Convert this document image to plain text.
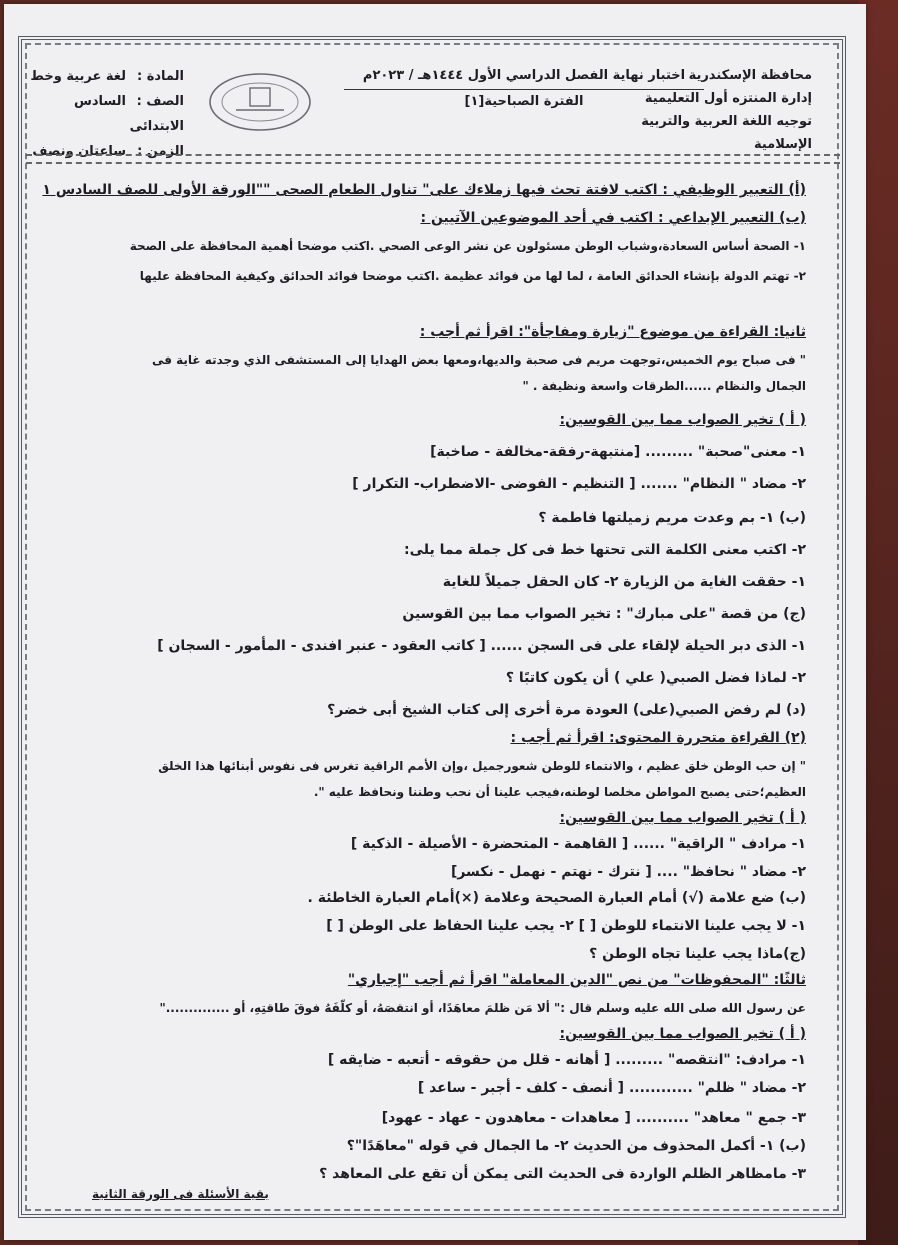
محافظة الإسكندرية
إدارة المنتزه أول التعليمية
توجيه اللغة العربية والتربية الإسلامية
اختبار نهاية الفصل الدراسي الأول ١٤٤٤هـ / ٢٠٢٣م
الفترة الصباحية[١]
المادة :لغة عربية وخط
الصف :السادس الابتدائى
الزمن :ساعتان ونصف
(أ) التعبير الوظيفي : اكتب لافتة تحث فيها زملاءك على" تناول الطعام الصحى ""الورقة الأولى للصف السادس ١
(ب) التعبير الإبداعي : اكتب في أحد الموضوعين الآتيين :
١- الصحة أساس السعادة،وشباب الوطن مسئولون عن نشر الوعى الصحي .اكتب موضحا أهمية المحافظة على الصحة
٢- تهتم الدولة بإنشاء الحدائق العامة ، لما لها من فوائد عظيمة .اكتب موضحا فوائد الحدائق وكيفية المحافظة عليها
ثانيا: القراءة من موضوع "زيارة ومفاجأة": اقرأ ثم أجب :
" فى صباح يوم الخميس،توجهت مريم فى صحبة والديها،ومعها بعض الهدايا إلى المستشفى الذي وجدته غاية فى
الجمال والنظام ......الطرقات واسعة ونظيفة . "
( أ ) تخير الصواب مما بين القوسين:
١- معنى"صحبة" ......... [منتبهة-رفقة-مخالفة - صاخبة]
٢- مضاد " النظام" ....... [ التنظيم - الفوضى -الاضطراب- التكرار ]
(ب) ١- بم وعدت مريم زميلتها فاطمة ؟
٢- اكتب معنى الكلمة التى تحتها خط فى كل جملة مما يلى:
١- حققت الغاية من الزيارة ٢- كان الحقل جميلاً للغاية
(ج) من قصة "على مبارك" : تخير الصواب مما بين القوسين
١- الذى دبر الحيلة لإلقاء على فى السجن ...... [ كاتب العقود - عنبر افندى - المأمور - السجان ]
٢- لماذا فضل الصبي( علي ) أن يكون كاتبًا ؟
(د) لم رفض الصبي(على) العودة مرة أخرى إلى كتاب الشيخ أبى خضر؟
(٢) القراءة متحررة المحتوى: اقرأ ثم أجب :
" إن حب الوطن خلق عظيم ، والانتماء للوطن شعورجميل ،وإن الأمم الراقية تغرس فى نفوس أبنائها هذا الخلق
العظيم؛حتى يصبح المواطن مخلصا لوطنه،فيجب علينا أن نحب وطننا ونحافظ عليه ".
( أ ) تخير الصواب مما بين القوسين:
١- مرادف " الراقية" ...... [ القاهمة - المتحضرة - الأصيلة - الذكية ]
٢- مضاد " نحافظ" .... [ نترك - نهتم - نهمل - نكسر]
(ب) ضع علامة (√) أمام العبارة الصحيحة وعلامة (×)أمام العبارة الخاطئة .
١- لا يجب علينا الانتماء للوطن [ ] ٢- يجب علينا الحفاظ على الوطن [ ]
(ج)ماذا يجب علينا تجاه الوطن ؟
ثالثًا: "المحفوظات" من نص "الدين المعاملة" اقرأ ثم أجب "إجباري"
عن رسول الله صلى الله عليه وسلم قال :" ألا مَن ظلمَ معاهَدًا، أو انتقصَهُ، أو كلّفَهُ فوقَ طاقتِهِ، أو .............."
( أ ) تخير الصواب مما بين القوسين:
١- مرادف: "انتقصه" ......... [ أهانه - قلل من حقوقه - أتعبه - ضايقه ]
٢- مضاد " ظلم" ............ [ أنصف - كلف - أجبر - ساعد ]
٣- جمع " معاهد" .......... [ معاهدات - معاهدون - عهاد - عهود]
(ب) ١- أكمل المحذوف من الحديث ٢- ما الجمال في قوله "معاهَدًا"؟
٣- مامظاهر الظلم الواردة فى الحديث التى يمكن أن تقع على المعاهد ؟
بقية الأسئلة فى الورقة الثانية
